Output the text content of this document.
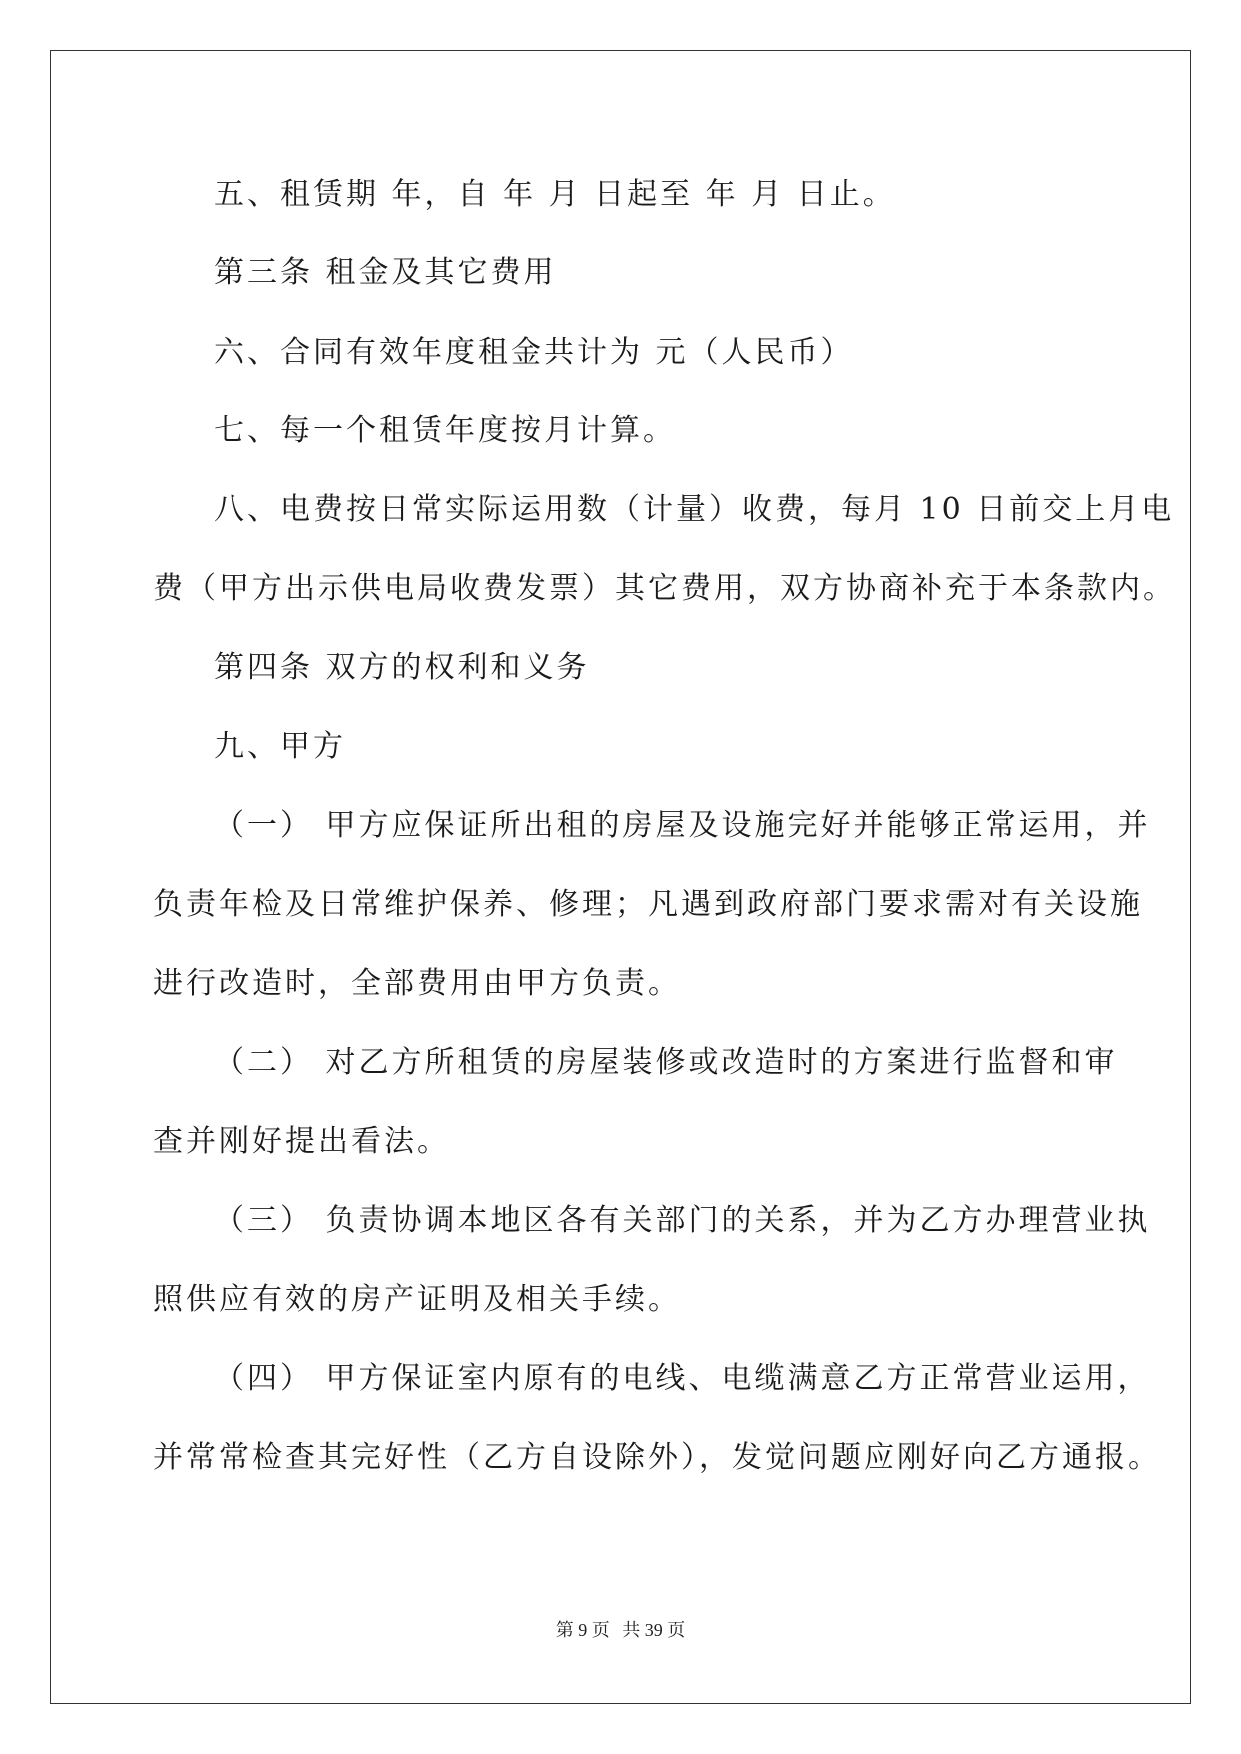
五、租赁期 年，自 年 月 日起至 年 月 日止。
第三条 租金及其它费用
六、合同有效年度租金共计为 元（人民币）
七、每一个租赁年度按月计算。
八、电费按日常实际运用数（计量）收费，每月 10 日前交上月电
费（甲方出示供电局收费发票）其它费用，双方协商补充于本条款内。
第四条 双方的权利和义务
九、甲方
（一） 甲方应保证所出租的房屋及设施完好并能够正常运用，并
负责年检及日常维护保养、修理；凡遇到政府部门要求需对有关设施
进行改造时，全部费用由甲方负责。
（二） 对乙方所租赁的房屋装修或改造时的方案进行监督和审
查并刚好提出看法。
（三） 负责协调本地区各有关部门的关系，并为乙方办理营业执
照供应有效的房产证明及相关手续。
（四） 甲方保证室内原有的电线、电缆满意乙方正常营业运用，
并常常检查其完好性（乙方自设除外），发觉问题应刚好向乙方通报。
第 9 页 共 39 页
